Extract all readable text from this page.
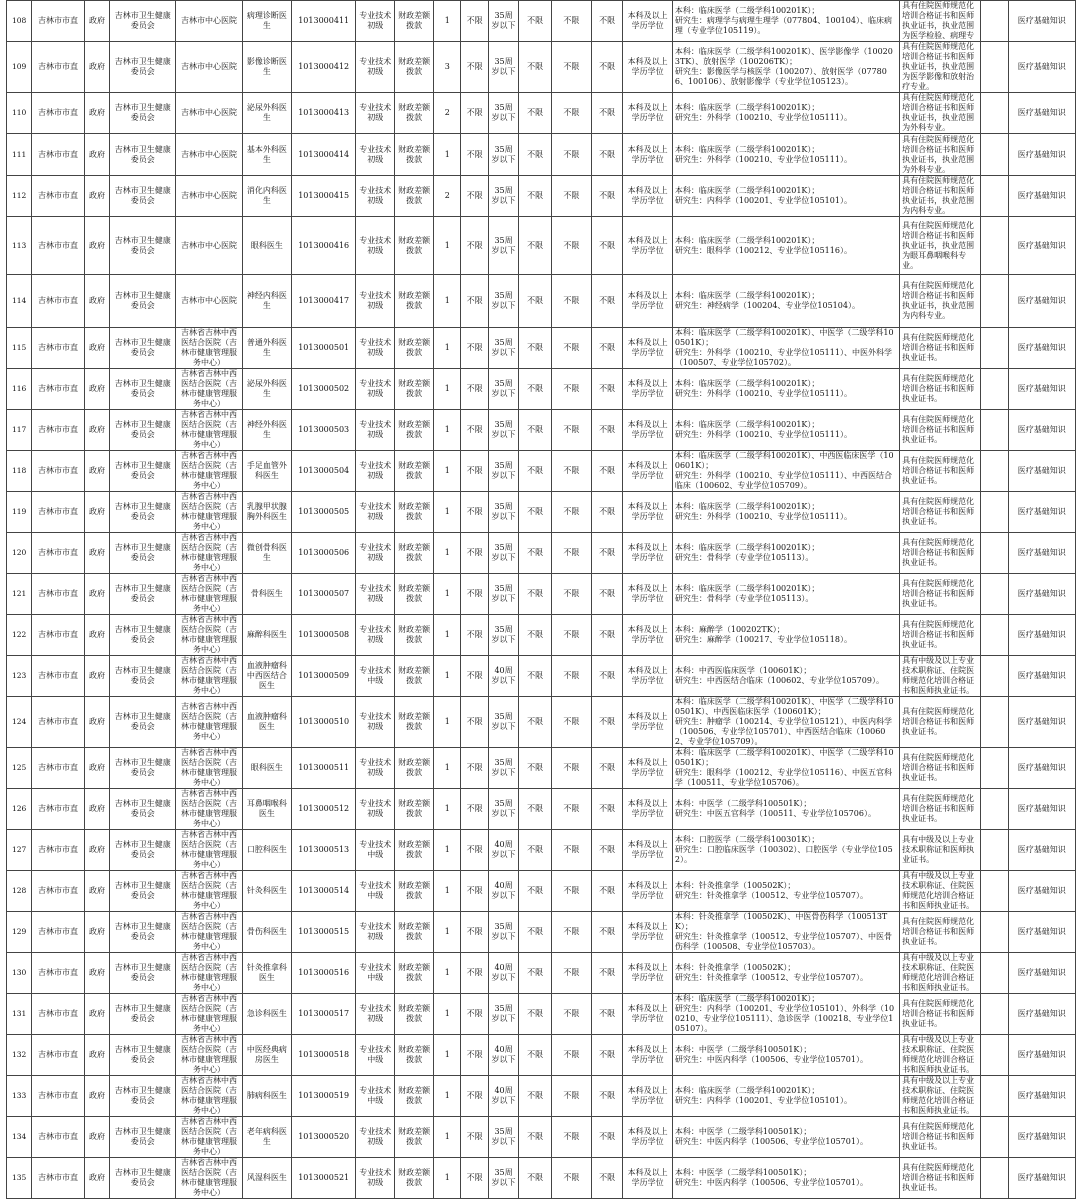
108	吉林市市直	政府	吉林市卫生健康委员会	吉林市中心医院	病理诊断医生	1013000411	专业技术初级	财政差额拨款	1	不限	35周岁以下	不限	不限	不限	本科及以上学历学位	本科：临床医学（二级学科100201K）；
研究生：病理学与病理生理学（077804、100104）、临床病理（专业学位105119）。	具有住院医师规范化培训合格证书和医师执业证书，执业范围为医学检验、病理专		医疗基础知识
109	吉林市市直	政府	吉林市卫生健康委员会	吉林市中心医院	影像诊断医生	1013000412	专业技术初级	财政差额拨款	3	不限	35周岁以下	不限	不限	不限	本科及以上学历学位	本科：临床医学（二级学科100201K）、医学影像学（100203TK）、放射医学（100206TK）；
研究生：影像医学与核医学（100207）、放射医学（077806、100106）、放射影像学（专业学位105123）。	具有住院医师规范化培训合格证书和医师执业证书，执业范围为医学影像和放射治疗专业。		医疗基础知识
110	吉林市市直	政府	吉林市卫生健康委员会	吉林市中心医院	泌尿外科医生	1013000413	专业技术初级	财政差额拨款	2	不限	35周岁以下	不限	不限	不限	本科及以上学历学位	本科：临床医学（二级学科100201K）；
研究生：外科学（100210、专业学位105111）。	具有住院医师规范化培训合格证书和医师执业证书，执业范围为外科专业。		医疗基础知识
111	吉林市市直	政府	吉林市卫生健康委员会	吉林市中心医院	基本外科医生	1013000414	专业技术初级	财政差额拨款	1	不限	35周岁以下	不限	不限	不限	本科及以上学历学位	本科：临床医学（二级学科100201K）；
研究生：外科学（100210、专业学位105111）。	具有住院医师规范化培训合格证书和医师执业证书，执业范围为外科专业。		医疗基础知识
112	吉林市市直	政府	吉林市卫生健康委员会	吉林市中心医院	消化内科医生	1013000415	专业技术初级	财政差额拨款	2	不限	35周岁以下	不限	不限	不限	本科及以上学历学位	本科：临床医学（二级学科100201K）；
研究生：内科学（100201、专业学位105101）。	具有住院医师规范化培训合格证书和医师执业证书，执业范围为内科专业。		医疗基础知识
113	吉林市市直	政府	吉林市卫生健康委员会	吉林市中心医院	眼科医生	1013000416	专业技术初级	财政差额拨款	1	不限	35周岁以下	不限	不限	不限	本科及以上学历学位	本科：临床医学（二级学科100201K）；
研究生：眼科学（100212、专业学位105116）。	具有住院医师规范化培训合格证书和医师执业证书，执业范围为眼耳鼻咽喉科专业。		医疗基础知识
114	吉林市市直	政府	吉林市卫生健康委员会	吉林市中心医院	神经内科医生	1013000417	专业技术初级	财政差额拨款	1	不限	35周岁以下	不限	不限	不限	本科及以上学历学位	本科：临床医学（二级学科100201K）；
研究生：神经病学（100204、专业学位105104）。	具有住院医师规范化培训合格证书和医师执业证书，执业范围为内科专业。		医疗基础知识
115	吉林市市直	政府	吉林市卫生健康委员会	吉林省吉林中西医结合医院（吉林市健康管理服务中心）	普通外科医生	1013000501	专业技术初级	财政差额拨款	1	不限	35周岁以下	不限	不限	不限	本科及以上学历学位	本科：临床医学（二级学科100201K）、中医学（二级学科100501K）；
研究生：外科学（100210、专业学位105111）、中医外科学（100507、专业学位105702）。	具有住院医师规范化培训合格证书和医师执业证书。		医疗基础知识
116	吉林市市直	政府	吉林市卫生健康委员会	吉林省吉林中西医结合医院（吉林市健康管理服务中心）	泌尿外科医生	1013000502	专业技术初级	财政差额拨款	1	不限	35周岁以下	不限	不限	不限	本科及以上学历学位	本科：临床医学（二级学科100201K）；
研究生：外科学（100210、专业学位105111）。	具有住院医师规范化培训合格证书和医师执业证书。		医疗基础知识
117	吉林市市直	政府	吉林市卫生健康委员会	吉林省吉林中西医结合医院（吉林市健康管理服务中心）	神经外科医生	1013000503	专业技术初级	财政差额拨款	1	不限	35周岁以下	不限	不限	不限	本科及以上学历学位	本科：临床医学（二级学科100201K）；
研究生：外科学（100210、专业学位105111）。	具有住院医师规范化培训合格证书和医师执业证书。		医疗基础知识
118	吉林市市直	政府	吉林市卫生健康委员会	吉林省吉林中西医结合医院（吉林市健康管理服务中心）	手足血管外科医生	1013000504	专业技术初级	财政差额拨款	1	不限	35周岁以下	不限	不限	不限	本科及以上学历学位	本科：临床医学（二级学科100201K）、中西医临床医学（100601K）；
研究生：外科学（100210、专业学位105111）、中西医结合临床（100602、专业学位105709）。	具有住院医师规范化培训合格证书和医师执业证书。		医疗基础知识
119	吉林市市直	政府	吉林市卫生健康委员会	吉林省吉林中西医结合医院（吉林市健康管理服务中心）	乳腺甲状腺胸外科医生	1013000505	专业技术初级	财政差额拨款	1	不限	35周岁以下	不限	不限	不限	本科及以上学历学位	本科：临床医学（二级学科100201K）；
研究生：外科学（100210、专业学位105111）。	具有住院医师规范化培训合格证书和医师执业证书。		医疗基础知识
120	吉林市市直	政府	吉林市卫生健康委员会	吉林省吉林中西医结合医院（吉林市健康管理服务中心）	微创骨科医生	1013000506	专业技术初级	财政差额拨款	1	不限	35周岁以下	不限	不限	不限	本科及以上学历学位	本科：临床医学（二级学科100201K）；
研究生：骨科学（专业学位105113）。	具有住院医师规范化培训合格证书和医师执业证书。		医疗基础知识
121	吉林市市直	政府	吉林市卫生健康委员会	吉林省吉林中西医结合医院（吉林市健康管理服务中心）	骨科医生	1013000507	专业技术初级	财政差额拨款	1	不限	35周岁以下	不限	不限	不限	本科及以上学历学位	本科：临床医学（二级学科100201K）；
研究生：骨科学（专业学位105113）。	具有住院医师规范化培训合格证书和医师执业证书。		医疗基础知识
122	吉林市市直	政府	吉林市卫生健康委员会	吉林省吉林中西医结合医院（吉林市健康管理服务中心）	麻醉科医生	1013000508	专业技术初级	财政差额拨款	1	不限	35周岁以下	不限	不限	不限	本科及以上学历学位	本科：麻醉学（100202TK）；
研究生：麻醉学（100217、专业学位105118）。	具有住院医师规范化培训合格证书和医师执业证书。		医疗基础知识
123	吉林市市直	政府	吉林市卫生健康委员会	吉林省吉林中西医结合医院（吉林市健康管理服务中心）	血液肿瘤科中西医结合医生	1013000509	专业技术中级	财政差额拨款	1	不限	40周岁以下	不限	不限	不限	本科及以上学历学位	本科：中西医临床医学（100601K）；
研究生：中西医结合临床（100602、专业学位105709）。	具有中级及以上专业技术职称证、住院医师规范化培训合格证书和医师执业证书。		医疗基础知识
124	吉林市市直	政府	吉林市卫生健康委员会	吉林省吉林中西医结合医院（吉林市健康管理服务中心）	血液肿瘤科医生	1013000510	专业技术初级	财政差额拨款	1	不限	35周岁以下	不限	不限	不限	本科及以上学历学位	本科：临床医学（二级学科100201K）、中医学（二级学科100501K）、中西医临床医学（100601K）；
研究生：肿瘤学（100214、专业学位105121）、中医内科学（100506、专业学位105701）、中西医结合临床（100602、专业学位105709）。	具有住院医师规范化培训合格证书和医师执业证书。		医疗基础知识
125	吉林市市直	政府	吉林市卫生健康委员会	吉林省吉林中西医结合医院（吉林市健康管理服务中心）	眼科医生	1013000511	专业技术初级	财政差额拨款	1	不限	35周岁以下	不限	不限	不限	本科及以上学历学位	本科：临床医学（二级学科100201K）、中医学（二级学科100501K）；
研究生：眼科学（100212、专业学位105116）、中医五官科学（100511、专业学位105706）。	具有住院医师规范化培训合格证书和医师执业证书。		医疗基础知识
126	吉林市市直	政府	吉林市卫生健康委员会	吉林省吉林中西医结合医院（吉林市健康管理服务中心）	耳鼻咽喉科医生	1013000512	专业技术初级	财政差额拨款	1	不限	35周岁以下	不限	不限	不限	本科及以上学历学位	本科：中医学（二级学科100501K）；
研究生：中医五官科学（100511、专业学位105706）。	具有住院医师规范化培训合格证书和医师执业证书。		医疗基础知识
127	吉林市市直	政府	吉林市卫生健康委员会	吉林省吉林中西医结合医院（吉林市健康管理服务中心）	口腔科医生	1013000513	专业技术中级	财政差额拨款	1	不限	40周岁以下	不限	不限	不限	本科及以上学历学位	本科：口腔医学（二级学科100301K）；
研究生：口腔临床医学（100302）、口腔医学（专业学位1052）。	具有中级及以上专业技术职称证和医师执业证书。		医疗基础知识
128	吉林市市直	政府	吉林市卫生健康委员会	吉林省吉林中西医结合医院（吉林市健康管理服务中心）	针灸科医生	1013000514	专业技术中级	财政差额拨款	1	不限	40周岁以下	不限	不限	不限	本科及以上学历学位	本科：针灸推拿学（100502K）；
研究生：针灸推拿学（100512、专业学位105707）。	具有中级及以上专业技术职称证、住院医师规范化培训合格证书和医师执业证书。		医疗基础知识
129	吉林市市直	政府	吉林市卫生健康委员会	吉林省吉林中西医结合医院（吉林市健康管理服务中心）	骨伤科医生	1013000515	专业技术初级	财政差额拨款	1	不限	35周岁以下	不限	不限	不限	本科及以上学历学位	本科：针灸推拿学（100502K）、中医骨伤科学（100513TK）；
研究生：针灸推拿学（100512、专业学位105707）、中医骨伤科学（100508、专业学位105703）。	具有住院医师规范化培训合格证书和医师执业证书。		医疗基础知识
130	吉林市市直	政府	吉林市卫生健康委员会	吉林省吉林中西医结合医院（吉林市健康管理服务中心）	针灸推拿科医生	1013000516	专业技术中级	财政差额拨款	1	不限	40周岁以下	不限	不限	不限	本科及以上学历学位	本科：针灸推拿学（100502K）；
研究生：针灸推拿学（100512、专业学位105707）。	具有中级及以上专业技术职称证、住院医师规范化培训合格证书和医师执业证书。		医疗基础知识
131	吉林市市直	政府	吉林市卫生健康委员会	吉林省吉林中西医结合医院（吉林市健康管理服务中心）	急诊科医生	1013000517	专业技术初级	财政差额拨款	1	不限	35周岁以下	不限	不限	不限	本科及以上学历学位	本科：临床医学（二级学科100201K）；
研究生：内科学（100201、专业学位105101）、外科学（100210、专业学位105111）、急诊医学（100218、专业学位105107）。	具有住院医师规范化培训合格证书和医师执业证书。		医疗基础知识
132	吉林市市直	政府	吉林市卫生健康委员会	吉林省吉林中西医结合医院（吉林市健康管理服务中心）	中医经典病房医生	1013000518	专业技术中级	财政差额拨款	1	不限	40周岁以下	不限	不限	不限	本科及以上学历学位	本科：中医学（二级学科100501K）；
研究生：中医内科学（100506、专业学位105701）。	具有中级及以上专业技术职称证、住院医师规范化培训合格证书和医师执业证书。		医疗基础知识
133	吉林市市直	政府	吉林市卫生健康委员会	吉林省吉林中西医结合医院（吉林市健康管理服务中心）	肺病科医生	1013000519	专业技术中级	财政差额拨款	1	不限	40周岁以下	不限	不限	不限	本科及以上学历学位	本科：临床医学（二级学科100201K）；
研究生：内科学（100201、专业学位105101）。	具有中级及以上专业技术职称证、住院医师规范化培训合格证书和医师执业证书。		医疗基础知识
134	吉林市市直	政府	吉林市卫生健康委员会	吉林省吉林中西医结合医院（吉林市健康管理服务中心）	老年病科医生	1013000520	专业技术初级	财政差额拨款	1	不限	35周岁以下	不限	不限	不限	本科及以上学历学位	本科：中医学（二级学科100501K）；
研究生：中医内科学（100506、专业学位105701）。	具有住院医师规范化培训合格证书和医师执业证书。		医疗基础知识
135	吉林市市直	政府	吉林市卫生健康委员会	吉林省吉林中西医结合医院（吉林市健康管理服务中心）	风湿科医生	1013000521	专业技术初级	财政差额拨款	1	不限	35周岁以下	不限	不限	不限	本科及以上学历学位	本科：中医学（二级学科100501K）；
研究生：中医内科学（100506、专业学位105701）。	具有住院医师规范化培训合格证书和医师执业证书。		医疗基础知识
